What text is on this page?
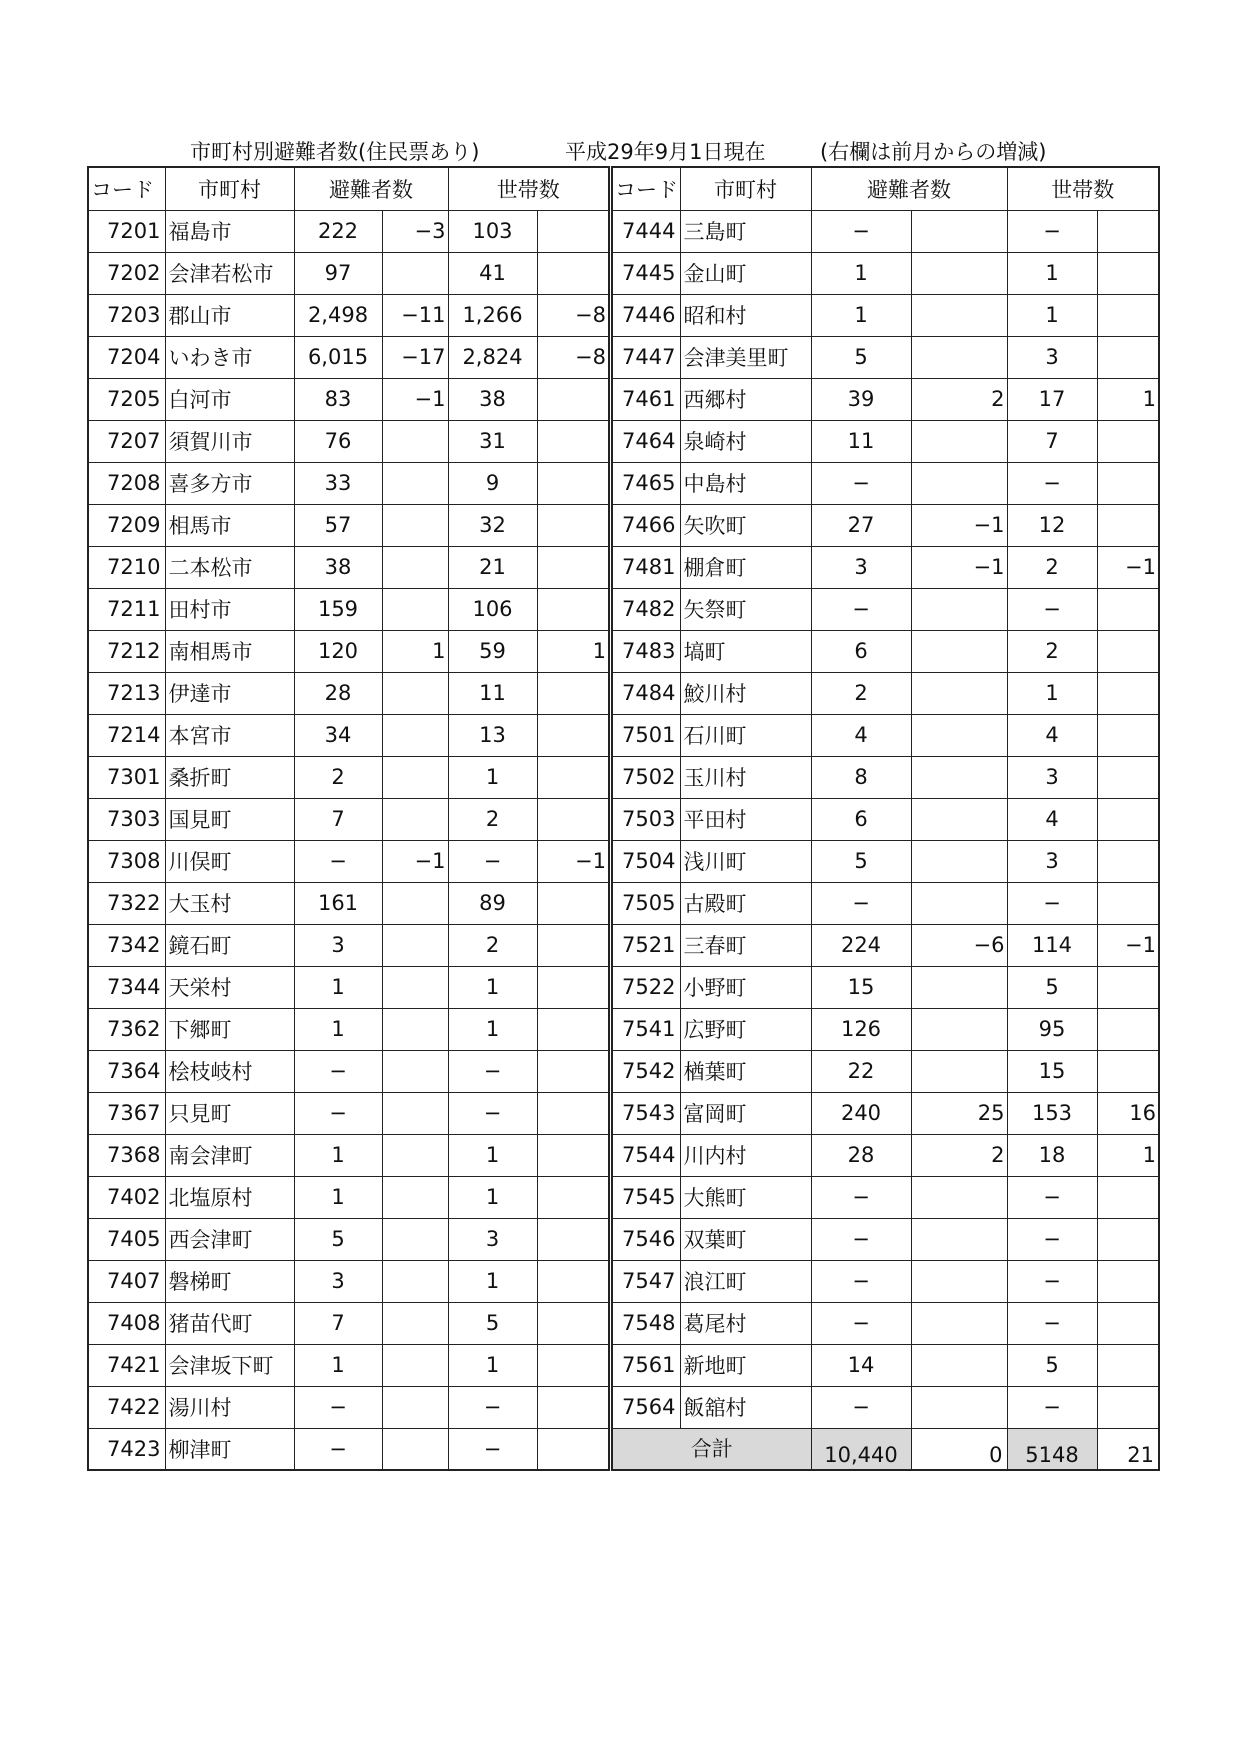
市町村別避難者数(住民票あり)	平成29年9月1日現在	(右欄は前月からの増減)
コード	市町村	避難者数		世帯数	
7201	福島市	222	−3	103	
7202	会津若松市	97		41	
7203	郡山市	2,498	−11	1,266	−8
7204	いわき市	6,015	−17	2,824	−8
7205	白河市	83	−1	38	
7207	須賀川市	76		31	
7208	喜多方市	33		9	
7209	相馬市	57		32	
7210	二本松市	38		21	
7211	田村市	159		106	
7212	南相馬市	120	1	59	1
7213	伊達市	28		11	
7214	本宮市	34		13	
7301	桑折町	2		1	
7303	国見町	7		2	
7308	川俣町	−	−1	−	−1
7322	大玉村	161		89	
7342	鏡石町	3		2	
7344	天栄村	1		1	
7362	下郷町	1		1	
7364	桧枝岐村	−		−	
7367	只見町	−		−	
7368	南会津町	1		1	
7402	北塩原村	1		1	
7405	西会津町	5		3	
7407	磐梯町	3		1	
7408	猪苗代町	7		5	
7421	会津坂下町	1		1	
7422	湯川村	−		−	
7423	柳津町	−		−	
コード	市町村	避難者数		世帯数	
7444	三島町	−		−	
7445	金山町	1		1	
7446	昭和村	1		1	
7447	会津美里町	5		3	
7461	西郷村	39	2	17	1
7464	泉崎村	11		7	
7465	中島村	−		−	
7466	矢吹町	27	−1	12	
7481	棚倉町	3	−1	2	−1
7482	矢祭町	−		−	
7483	塙町	6		2	
7484	鮫川村	2		1	
7501	石川町	4		4	
7502	玉川村	8		3	
7503	平田村	6		4	
7504	浅川町	5		3	
7505	古殿町	−		−	
7521	三春町	224	−6	114	−1
7522	小野町	15		5	
7541	広野町	126		95	
7542	楢葉町	22		15	
7543	富岡町	240	25	153	16
7544	川内村	28	2	18	1
7545	大熊町	−		−	
7546	双葉町	−		−	
7547	浪江町	−		−	
7548	葛尾村	−		−	
7561	新地町	14		5	
7564	飯舘村	−		−	
合計		10,440	0	5148	21
